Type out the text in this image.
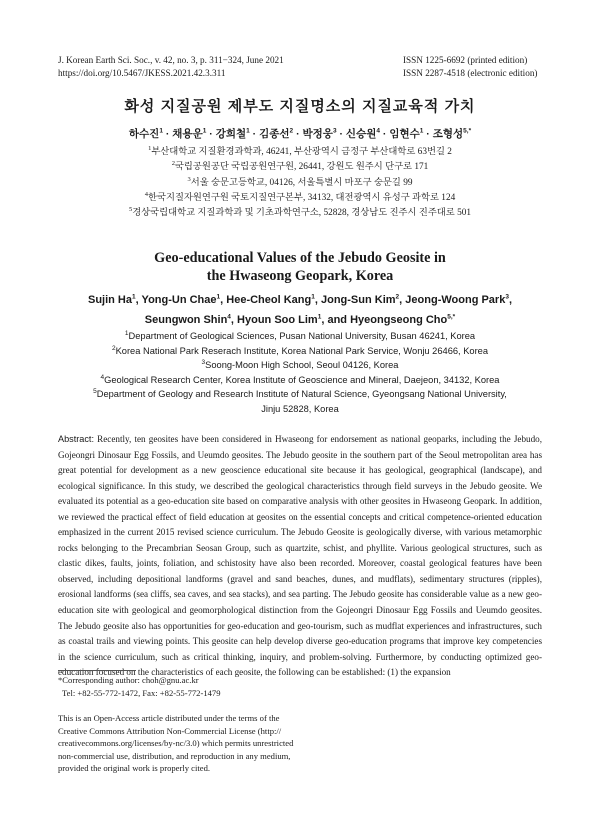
J. Korean Earth Sci. Soc., v. 42, no. 3, p. 311−324, June 2021
https://doi.org/10.5467/JKESS.2021.42.3.311
ISSN 1225-6692 (printed edition)
ISSN 2287-4518 (electronic edition)
화성 지질공원 제부도 지질명소의 지질교육적 가치
하수진$^1$ · 채용운$^1$ · 강희철$^1$ · 김종선$^2$ · 박정웅$^3$ · 신승원$^4$ · 임현수$^1$ · 조형성$^{5,*}$
$^1$부산대학교 지질환경과학과, 46241, 부산광역시 금정구 부산대학로 63번길 2
$^2$국립공원공단 국립공원연구원, 26441, 강원도 원주시 단구로 171
$^3$서울 숭문고등학교, 04126, 서울특별시 마포구 숭문길 99
$^4$한국지질자원연구원 국토지질연구본부, 34132, 대전광역시 유성구 과학로 124
$^5$경상국립대학교 지질과학과 및 기초과학연구소, 52828, 경상남도 진주시 진주대로 501
Geo-educational Values of the Jebudo Geosite in
the Hwaseong Geopark, Korea
Sujin Ha$^1$, Yong-Un Chae$^1$, Hee-Cheol Kang$^1$, Jong-Sun Kim$^2$, Jeong-Woong Park$^3$,
Seungwon Shin$^4$, Hyoun Soo Lim$^1$, and Hyeongseong Cho$^{5,*}$
$^1$Department of Geological Sciences, Pusan National University, Busan 46241, Korea
$^2$Korea National Park Reserach Institute, Korea National Park Service, Wonju 26466, Korea
$^3$Soong-Moon High School, Seoul 04126, Korea
$^4$Geological Research Center, Korea Institute of Geoscience and Mineral, Daejeon, 34132, Korea
$^5$Department of Geology and Research Institute of Natural Science, Gyeongsang National University,
Jinju 52828, Korea
Abstract: Recently, ten geosites have been considered in Hwaseong for endorsement as national geoparks, including the Jebudo, Gojeongri Dinosaur Egg Fossils, and Ueumdo geosites. The Jebudo geosite in the southern part of the Seoul metropolitan area has great potential for development as a new geoscience educational site because it has geological, geographical (landscape), and ecological significance. In this study, we described the geological characteristics through field surveys in the Jebudo geosite. We evaluated its potential as a geo-education site based on comparative analysis with other geosites in Hwaseong Geopark. In addition, we reviewed the practical effect of field education at geosites on the essential concepts and critical competence-oriented education emphasized in the current 2015 revised science curriculum. The Jebudo Geosite is geologically diverse, with various metamorphic rocks belonging to the Precambrian Seosan Group, such as quartzite, schist, and phyllite. Various geological structures, such as clastic dikes, faults, joints, foliation, and schistosity have also been recorded. Moreover, coastal geological features have been observed, including depositional landforms (gravel and sand beaches, dunes, and mudflats), sedimentary structures (ripples), erosional landforms (sea cliffs, sea caves, and sea stacks), and sea parting. The Jebudo geosite has considerable value as a new geo-education site with geological and geomorphological distinction from the Gojeongri Dinosaur Egg Fossils and Ueumdo geosites. The Jebudo geosite also has opportunities for geo-education and geo-tourism, such as mudflat experiences and infrastructures, such as coastal trails and viewing points. This geosite can help develop diverse geo-education programs that improve key competencies in the science curriculum, such as critical thinking, inquiry, and problem-solving. Furthermore, by conducting optimized geo-education focused on the characteristics of each geosite, the following can be established: (1) the expansion
*Corresponding author: choh@gnu.ac.kr
Tel: +82-55-772-1472, Fax: +82-55-772-1479
This is an Open-Access article distributed under the terms of the
Creative Commons Attribution Non-Commercial License (http://
creativecommons.org/licenses/by-nc/3.0) which permits unrestricted
non-commercial use, distribution, and reproduction in any medium,
provided the original work is properly cited.
